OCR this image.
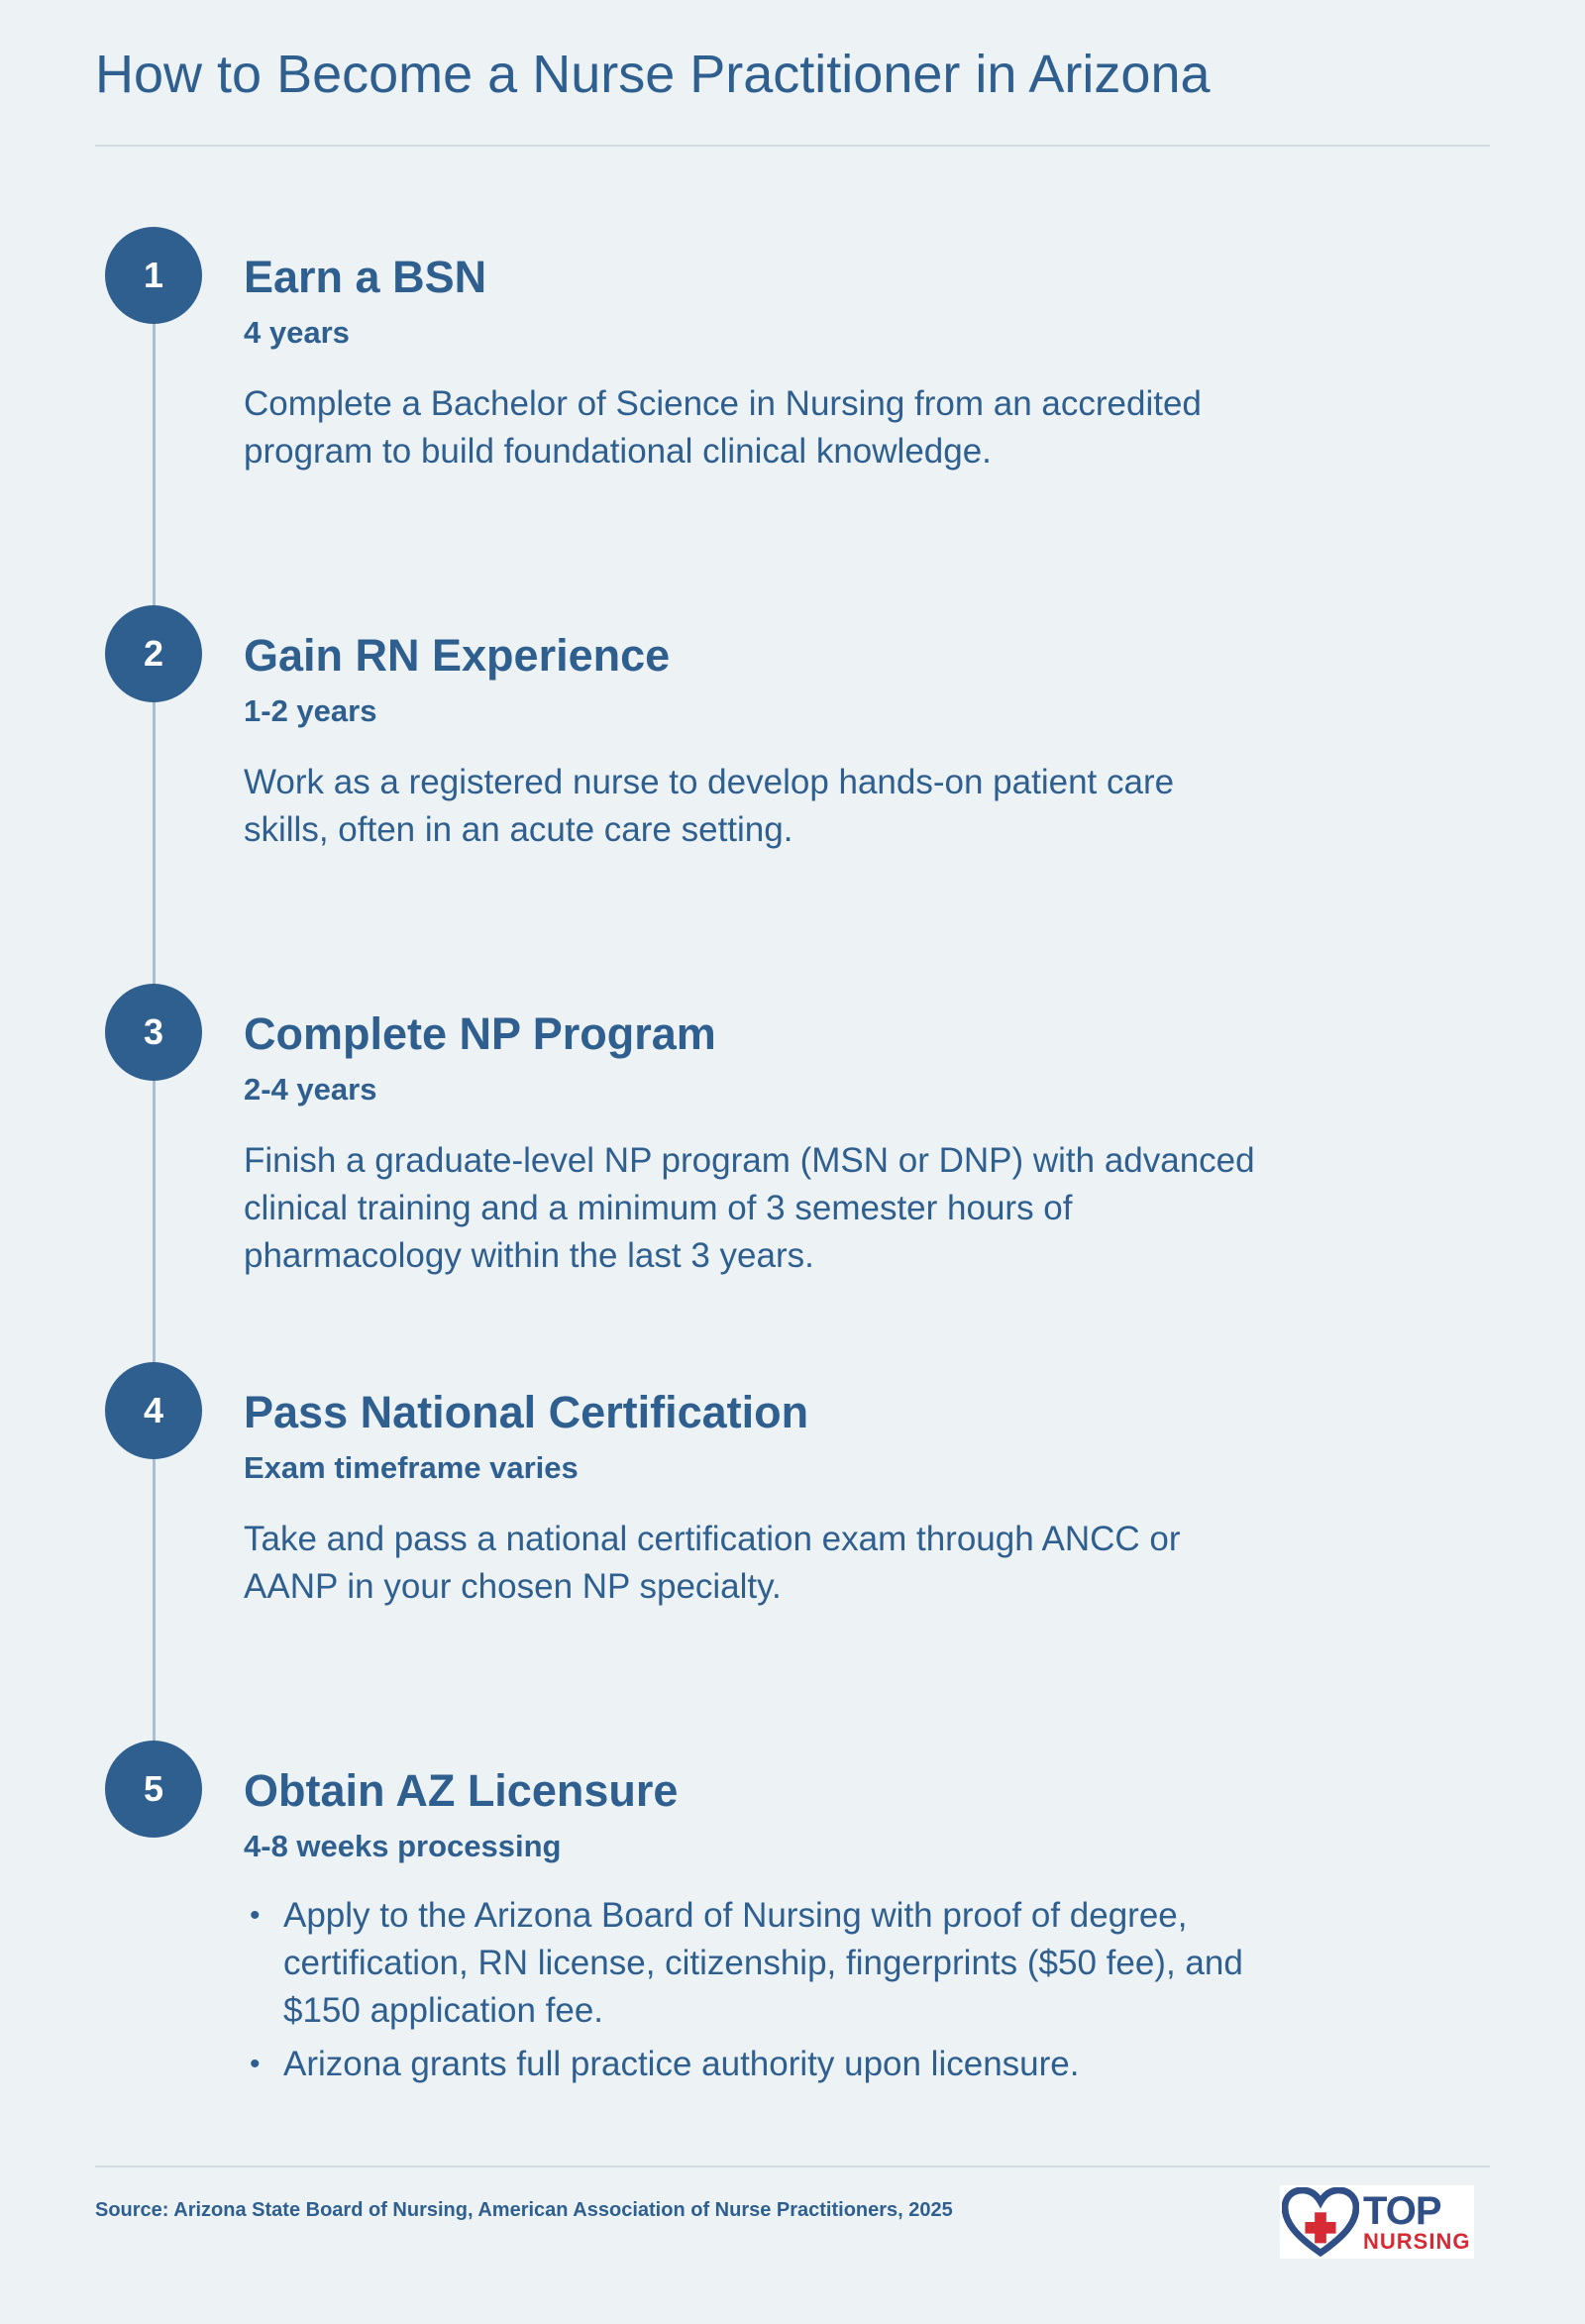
How to Become a Nurse Practitioner in Arizona
1	Earn a BSN

4 years

Complete a Bachelor of Science in Nursing from an accredited program to build foundational clinical knowledge.

2	Gain RN Experience

1-2 years

Work as a registered nurse to develop hands-on patient care skills, often in an acute care setting.

3	Complete NP Program

2-4 years

Finish a graduate-level NP program (MSN or DNP) with advanced clinical training and a minimum of 3 semester hours of pharmacology within the last 3 years.

4	Pass National Certification

Exam timeframe varies

Take and pass a national certification exam through ANCC or AANP in your chosen NP specialty.

5	Obtain AZ Licensure

4-8 weeks processing

• Apply to the Arizona Board of Nursing with proof of degree, certification, RN license, citizenship, fingerprints ($50 fee), and $150 application fee.
• Arizona grants full practice authority upon licensure.

Source: Arizona State Board of Nursing, American Association of Nurse Practitioners, 2025	TOP
NURSING
